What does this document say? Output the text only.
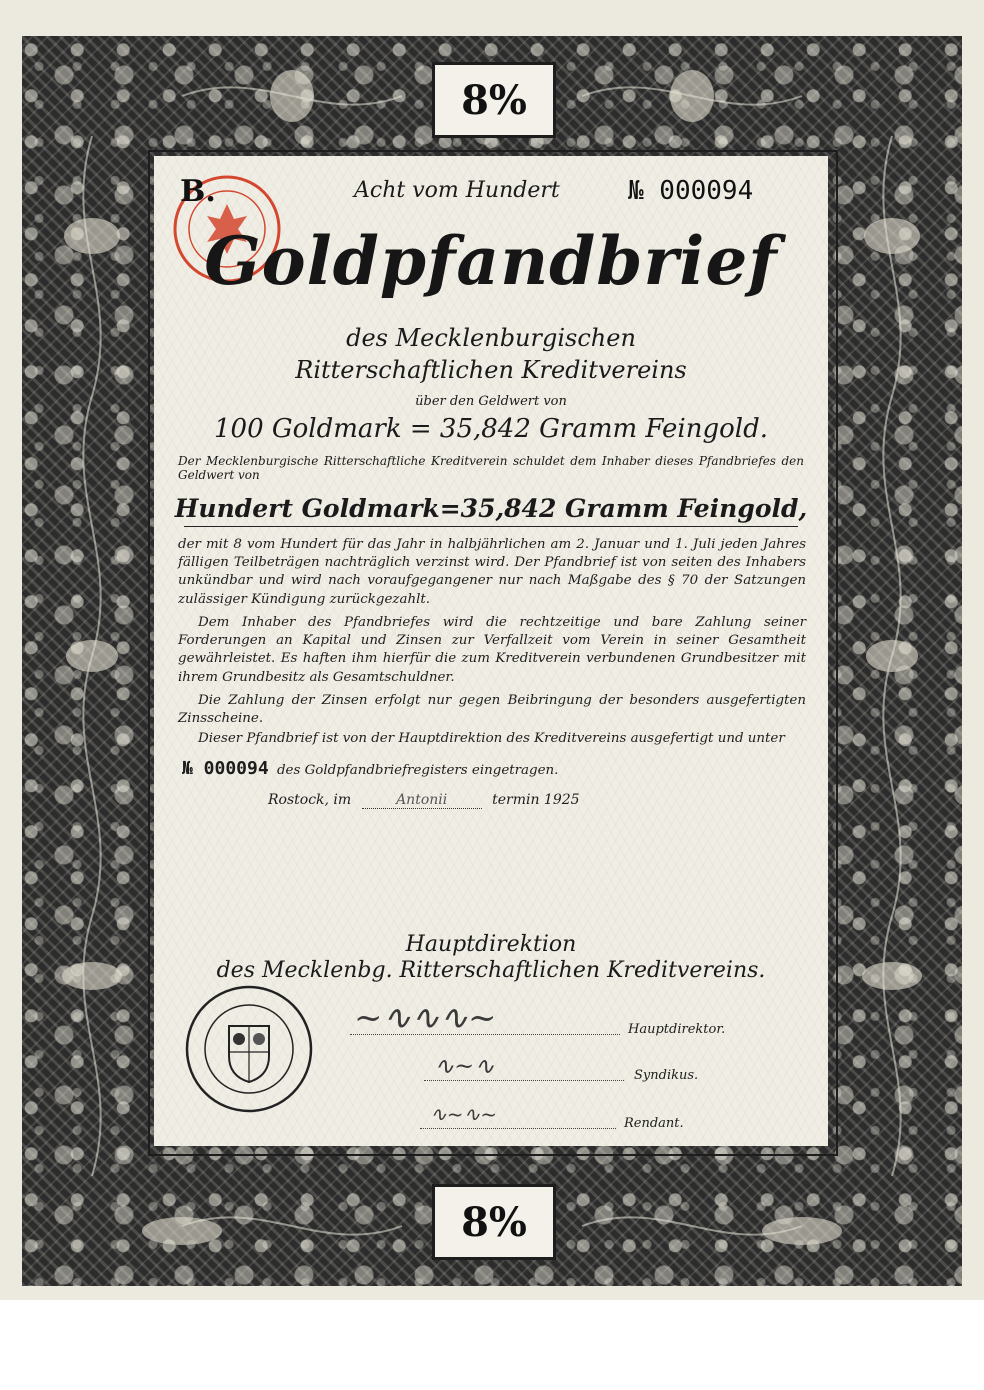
8%
8%
B.	Acht vom Hundert	№ 000094
Goldpfandbrief
des Mecklenburgischen
Ritterschaftlichen Kreditvereins
über den Geldwert von
100 Goldmark = 35,842 Gramm Feingold.
Der Mecklenburgische Ritterschaftliche Kreditverein schuldet dem Inhaber dieses Pfandbriefes den Geldwert von
Hundert Goldmark=35,842 Gramm Feingold,
der mit 8 vom Hundert für das Jahr in halbjährlichen am 2. Januar und 1. Juli jeden Jahres fälligen Teilbeträgen nachträglich verzinst wird. Der Pfandbrief ist von seiten des Inhabers unkündbar und wird nach voraufgegangener nur nach Maßgabe des § 70 der Satzungen zulässiger Kündigung zurückgezahlt.
Dem Inhaber des Pfandbriefes wird die rechtzeitige und bare Zahlung seiner Forderungen an Kapital und Zinsen zur Verfallzeit vom Verein in seiner Gesamtheit gewährleistet. Es haften ihm hierfür die zum Kreditverein verbundenen Grundbesitzer mit ihrem Grundbesitz als Gesamtschuldner.
Die Zahlung der Zinsen erfolgt nur gegen Beibringung der besonders ausgefertigten Zinsscheine.
Dieser Pfandbrief ist von der Hauptdirektion des Kreditvereins ausgefertigt und unter
№ 000094 des Goldpfandbriefregisters eingetragen.
Rostock, im	Antonii	termin 1925
Hauptdirektion
des Mecklenbg. Ritterschaftlichen Kreditvereins.
~∿∿∿~	Hauptdirektor.
∿~∿	Syndikus.
∿~∿~	Rendant.
